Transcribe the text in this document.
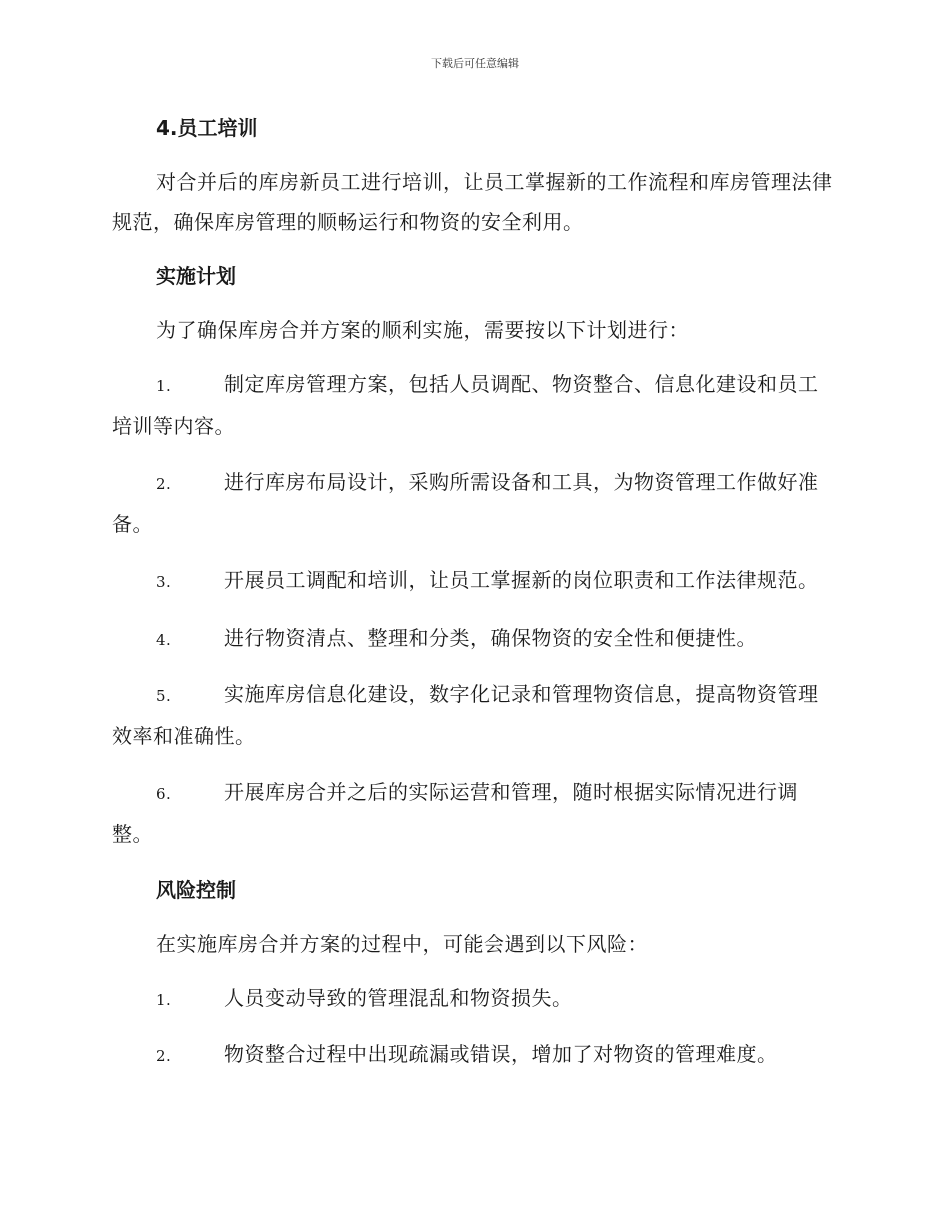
下载后可任意编辑
4.员工培训

对合并后的库房新员工进行培训，让员工掌握新的工作流程和库房管理法律规范，确保库房管理的顺畅运行和物资的安全利用。

实施计划

为了确保库房合并方案的顺利实施，需要按以下计划进行：

1.	制定库房管理方案，包括人员调配、物资整合、信息化建设和员工培训等内容。

2.	进行库房布局设计，采购所需设备和工具，为物资管理工作做好准备。

3.	开展员工调配和培训，让员工掌握新的岗位职责和工作法律规范。

4.	进行物资清点、整理和分类，确保物资的安全性和便捷性。

5.	实施库房信息化建设，数字化记录和管理物资信息，提高物资管理效率和准确性。

6.	开展库房合并之后的实际运营和管理，随时根据实际情况进行调整。

风险控制

在实施库房合并方案的过程中，可能会遇到以下风险：

1.	人员变动导致的管理混乱和物资损失。

2.	物资整合过程中出现疏漏或错误，增加了对物资的管理难度。
